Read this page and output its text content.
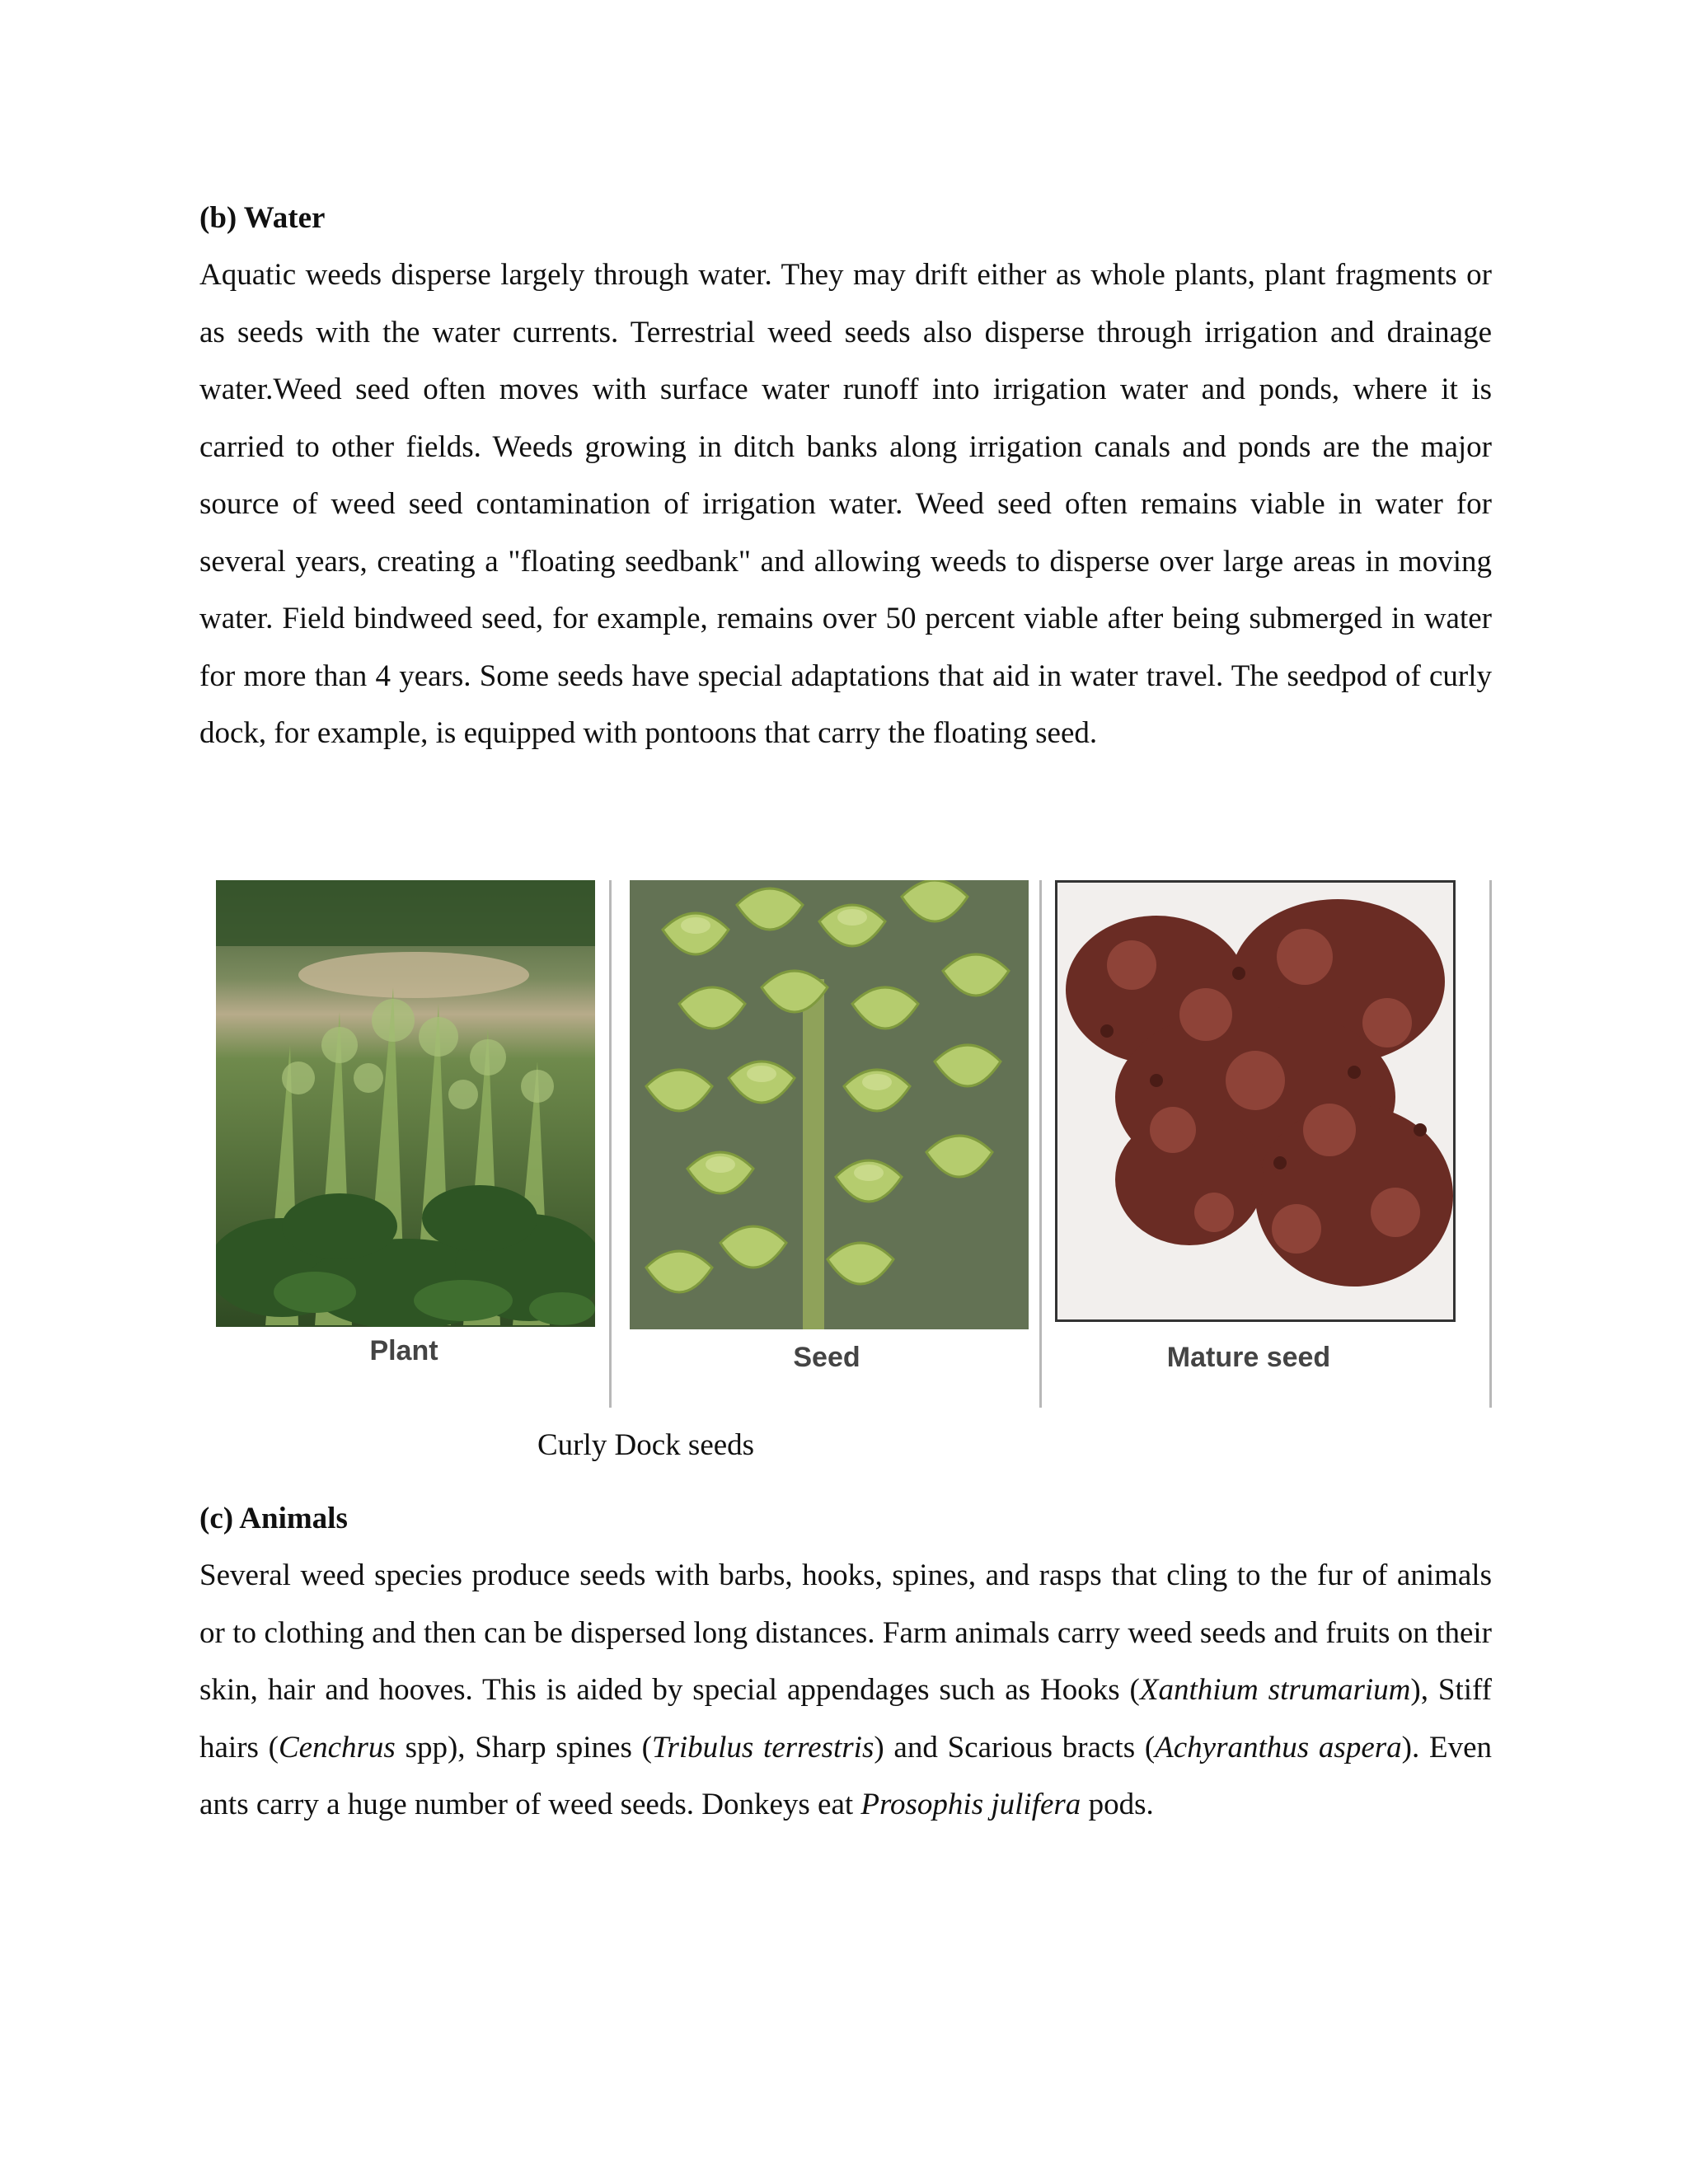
(b) Water

Aquatic weeds disperse largely through water. They may drift either as whole plants, plant fragments or as seeds with the water currents. Terrestrial weed seeds also disperse through irrigation and drainage water.Weed seed often moves with surface water runoff into irrigation water and ponds, where it is carried to other fields. Weeds growing in ditch banks along irrigation canals and ponds are the major source of weed seed contamination of irrigation water. Weed seed often remains viable in water for several years, creating a "floating seedbank" and allowing weeds to disperse over large areas in moving water. Field bindweed seed, for example, remains over 50 percent viable after being submerged in water for more than 4 years. Some seeds have special adaptations that aid in water travel. The seedpod of curly dock, for example, is equipped with pontoons that carry the floating seed.

Plant	Seed	Mature seed
Curly Dock seeds

(c) Animals

Several weed species produce seeds with barbs, hooks, spines, and rasps that cling to the fur of animals or to clothing and then can be dispersed long distances. Farm animals carry weed seeds and fruits on their skin, hair and hooves. This is aided by special appendages such as Hooks (Xanthium strumarium), Stiff hairs (Cenchrus spp), Sharp spines (Tribulus terrestris) and Scarious bracts (Achyranthus aspera). Even ants carry a huge number of weed seeds. Donkeys eat Prosophis julifera pods.
